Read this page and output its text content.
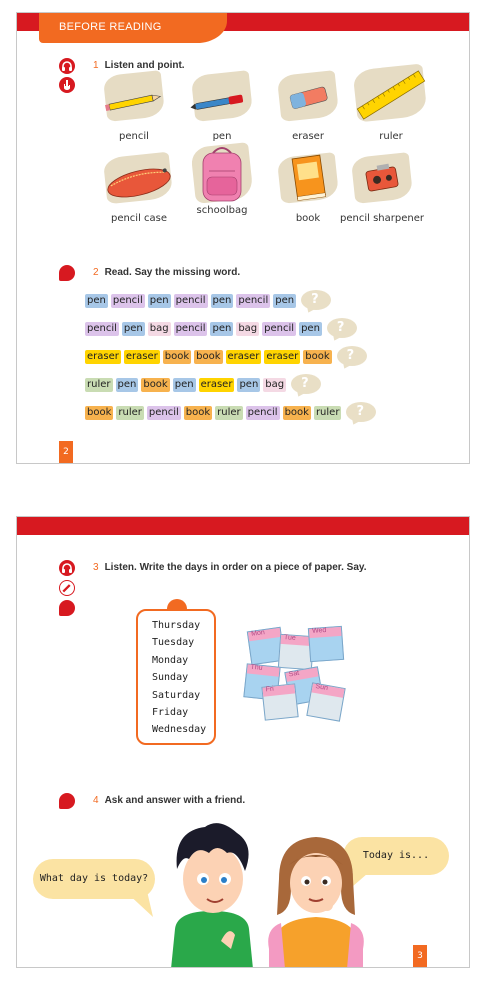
BEFORE READING
1 Listen and point.
pencil	pen	eraser	ruler
pencil case
schoolbag
book	pencil sharpener
2 Read. Say the missing word.
pen pencil pen pencil pen pencil pen ?
pencil pen bag pencil pen bag pencil pen ?
eraser eraser book book eraser eraser book ?
ruler pen book pen eraser pen bag ?
book ruler pencil book ruler pencil book ruler ?
2
3 Listen. Write the days in order on a piece of paper. Say.
Thursday
Tuesday
Monday
Sunday
Saturday
Friday
Wednesday
Mon
Tue
Wed
Thu
Sat
Fri	Sun
4 Ask and answer with a friend.
What day is today?
Today is...
3
